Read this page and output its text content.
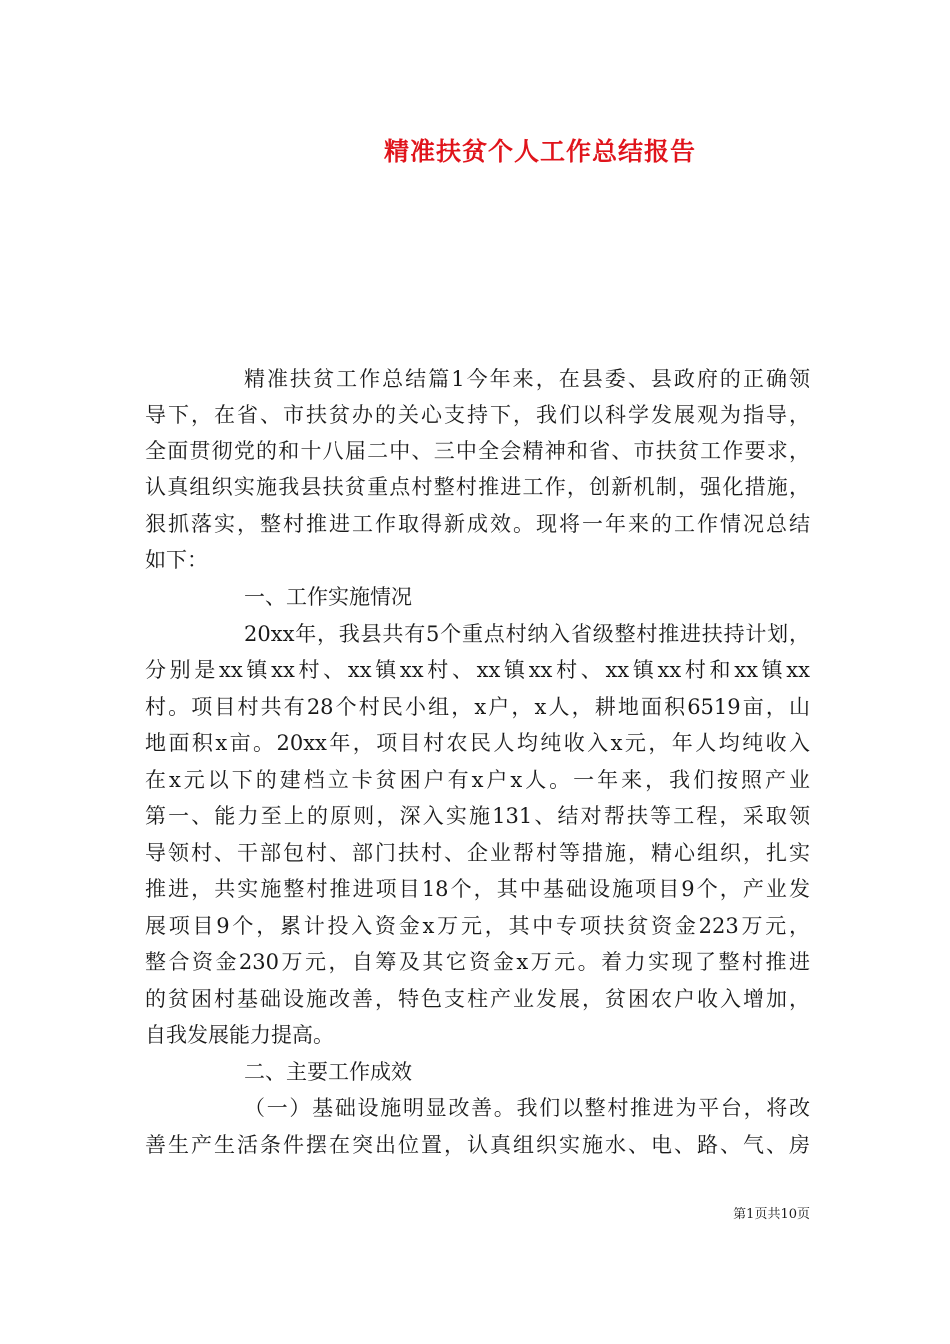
精准扶贫个人工作总结报告
精准扶贫工作总结篇1今年来，在县委、县政府的正确领
导下，在省、市扶贫办的关心支持下，我们以科学发展观为指导，
全面贯彻党的和十八届二中、三中全会精神和省、市扶贫工作要求，
认真组织实施我县扶贫重点村整村推进工作，创新机制，强化措施，
狠抓落实，整村推进工作取得新成效。现将一年来的工作情况总结
如下：
一、工作实施情况
20xx年，我县共有5个重点村纳入省级整村推进扶持计划，
分别是xx镇xx村、xx镇xx村、xx镇xx村、xx镇xx村和xx镇xx
村。项目村共有28个村民小组，x户，x人，耕地面积6519亩，山
地面积x亩。20xx年，项目村农民人均纯收入x元，年人均纯收入
在x元以下的建档立卡贫困户有x户x人。一年来，我们按照产业
第一、能力至上的原则，深入实施131、结对帮扶等工程，采取领
导领村、干部包村、部门扶村、企业帮村等措施，精心组织，扎实
推进，共实施整村推进项目18个，其中基础设施项目9个，产业发
展项目9个，累计投入资金x万元，其中专项扶贫资金223万元，
整合资金230万元，自筹及其它资金x万元。着力实现了整村推进
的贫困村基础设施改善，特色支柱产业发展，贫困农户收入增加，
自我发展能力提高。
二、主要工作成效
（一）基础设施明显改善。我们以整村推进为平台，将改
善生产生活条件摆在突出位置，认真组织实施水、电、路、气、房
第1页共10页
